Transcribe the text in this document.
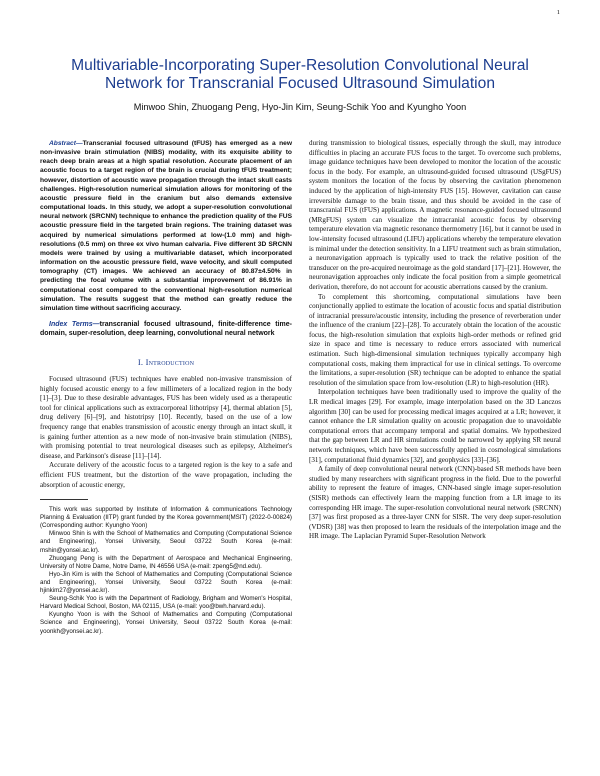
1
Multivariable-Incorporating Super-Resolution Convolutional Neural Network for Transcranial Focused Ultrasound Simulation
Minwoo Shin, Zhuogang Peng, Hyo-Jin Kim, Seung-Schik Yoo and Kyungho Yoon

Abstract—Transcranial focused ultrasound (tFUS) has emerged as a new non-invasive brain stimulation (NIBS) modality, with its exquisite ability to reach deep brain areas at a high spatial resolution. Accurate placement of an acoustic focus to a target region of the brain is crucial during tFUS treatment; however, distortion of acoustic wave propagation through the intact skull casts challenges. High-resolution numerical simulation allows for monitoring of the acoustic pressure field in the cranium but also demands extensive computational loads. In this study, we adopt a super-resolution convolutional neural network (SRCNN) technique to enhance the prediction quality of the FUS acoustic pressure field in the targeted brain regions. The training dataset was acquired by numerical simulations performed at low-(1.0 mm) and high-resolutions (0.5 mm) on three ex vivo human calvaria. Five different 3D SRCNN models were trained by using a multivariable dataset, which incorporated information on the acoustic pressure field, wave velocity, and skull computed tomography (CT) images. We achieved an accuracy of 80.87±4.50% in predicting the focal volume with a substantial improvement of 86.91% in computational cost compared to the conventional high-resolution numerical simulation. The results suggest that the method can greatly reduce the simulation time without sacrificing accuracy.

Index Terms—transcranial focused ultrasound, finite-difference time-domain, super-resolution, deep learning, convolutional neural network

I. Introduction

Focused ultrasound (FUS) techniques have enabled non-invasive transmission of highly focused acoustic energy to a few millimeters of a localized region in the body [1]–[3]. Due to these desirable advantages, FUS has been widely used as a therapeutic tool for clinical applications such as extracorporeal lithotripsy [4], thermal ablation [5], drug delivery [6]–[9], and histotripsy [10]. Recently, based on the use of a low frequency range that enables transmission of acoustic energy through an intact skull, it is gaining further attention as a new mode of non-invasive brain stimulation (NIBS), with promising potential to treat neurological diseases such as epilepsy, Alzheimer's disease, and Parkinson's disease [11]–[14].

Accurate delivery of the acoustic focus to a targeted region is the key to a safe and efficient FUS treatment, but the distortion of the wave propagation, including the absorption of acoustic energy,

This work was supported by Institute of Information & communications Technology Planning & Evaluation (IITP) grant funded by the Korea government(MSIT) (2022-0-00824) (Corresponding author: Kyungho Yoon)

Minwoo Shin is with the School of Mathematics and Computing (Computational Science and Engineering), Yonsei University, Seoul 03722 South Korea (e-mail: mshin@yonsei.ac.kr).

Zhuogang Peng is with the Department of Aerospace and Mechanical Engineering, University of Notre Dame, Notre Dame, IN 46556 USA (e-mail: zpeng5@nd.edu).

Hyo-Jin Kim is with the School of Mathematics and Computing (Computational Science and Engineering), Yonsei University, Seoul 03722 South Korea (e-mail: hjinkim27@yonsei.ac.kr).

Seung-Schik Yoo is with the Department of Radiology, Brigham and Women's Hospital, Harvard Medical School, Boston, MA 02115, USA (e-mail: yoo@bwh.harvard.edu).

Kyungho Yoon is with the School of Mathematics and Computing (Computational Science and Engineering), Yonsei University, Seoul 03722 South Korea (e-mail: yoonkh@yonsei.ac.kr).

during transmission to biological tissues, especially through the skull, may introduce difficulties in placing an accurate FUS focus to the target. To overcome such problems, image guidance techniques have been developed to monitor the location of the acoustic focus in the body. For example, an ultrasound-guided focused ultrasound (USgFUS) system monitors the location of the focus by observing the cavitation phenomenon induced by the application of high-intensity FUS [15]. However, cavitation can cause irreversible damage to the brain tissue, and thus should be avoided in the case of transcranial FUS (tFUS) applications. A magnetic resonance-guided focused ultrasound (MRgFUS) system can visualize the intracranial acoustic focus by observing temperature elevation via magnetic resonance thermometry [16], but it cannot be used in low-intensity focused ultrasound (LIFU) applications whereby the temperature elevation is minimal under the detection sensitivity. In a LIFU treatment such as brain stimulation, a neuronavigation approach is typically used to track the relative position of the transducer on the pre-acquired neuroimage as the gold standard [17]–[21]. However, the neuronavigation approaches only indicate the focal position from a simple geometrical derivation, therefore, do not account for acoustic aberrations caused by the cranium.

To complement this shortcoming, computational simulations have been conjunctionally applied to estimate the location of acoustic focus and spatial distribution of intracranial pressure/acoustic intensity, including the presence of reverberation under the influence of the cranium [22]–[28]. To accurately obtain the location of the acoustic focus, the high-resolution simulation that exploits high-order methods or refined grid size in space and time is necessary to reduce errors associated with numerical estimation. Such high-dimensional simulation techniques typically accompany high computational costs, making them impractical for use in clinical settings. To overcome the limitations, a super-resolution (SR) technique can be adopted to enhance the spatial resolution of the simulation space from low-resolution (LR) to high-resolution (HR).

Interpolation techniques have been traditionally used to improve the quality of the LR medical images [29]. For example, image interpolation based on the 3D Lanczos algorithm [30] can be used for processing medical images acquired at a LR; however, it cannot enhance the LR simulation quality on acoustic propagation due to unavoidable computational errors that accompany temporal and spatial domains. We hypothesized that the gap between LR and HR simulations could be narrowed by applying SR neural network techniques, which have been successfully applied in cosmological simulations [31], computational fluid dynamics [32], and geophysics [33]–[36].

A family of deep convolutional neural network (CNN)-based SR methods have been studied by many researchers with significant progress in the field. Due to the powerful ability to represent the feature of images, CNN-based single image super-resolution (SISR) methods can effectively learn the mapping function from a LR image to its corresponding HR image. The super-resolution convolutional neural network (SRCNN) [37] was first proposed as a three-layer CNN for SISR. The very deep super-resolution (VDSR) [38] was then proposed to learn the residuals of the interpolation image and the HR image. The Laplacian Pyramid Super-Resolution Network
